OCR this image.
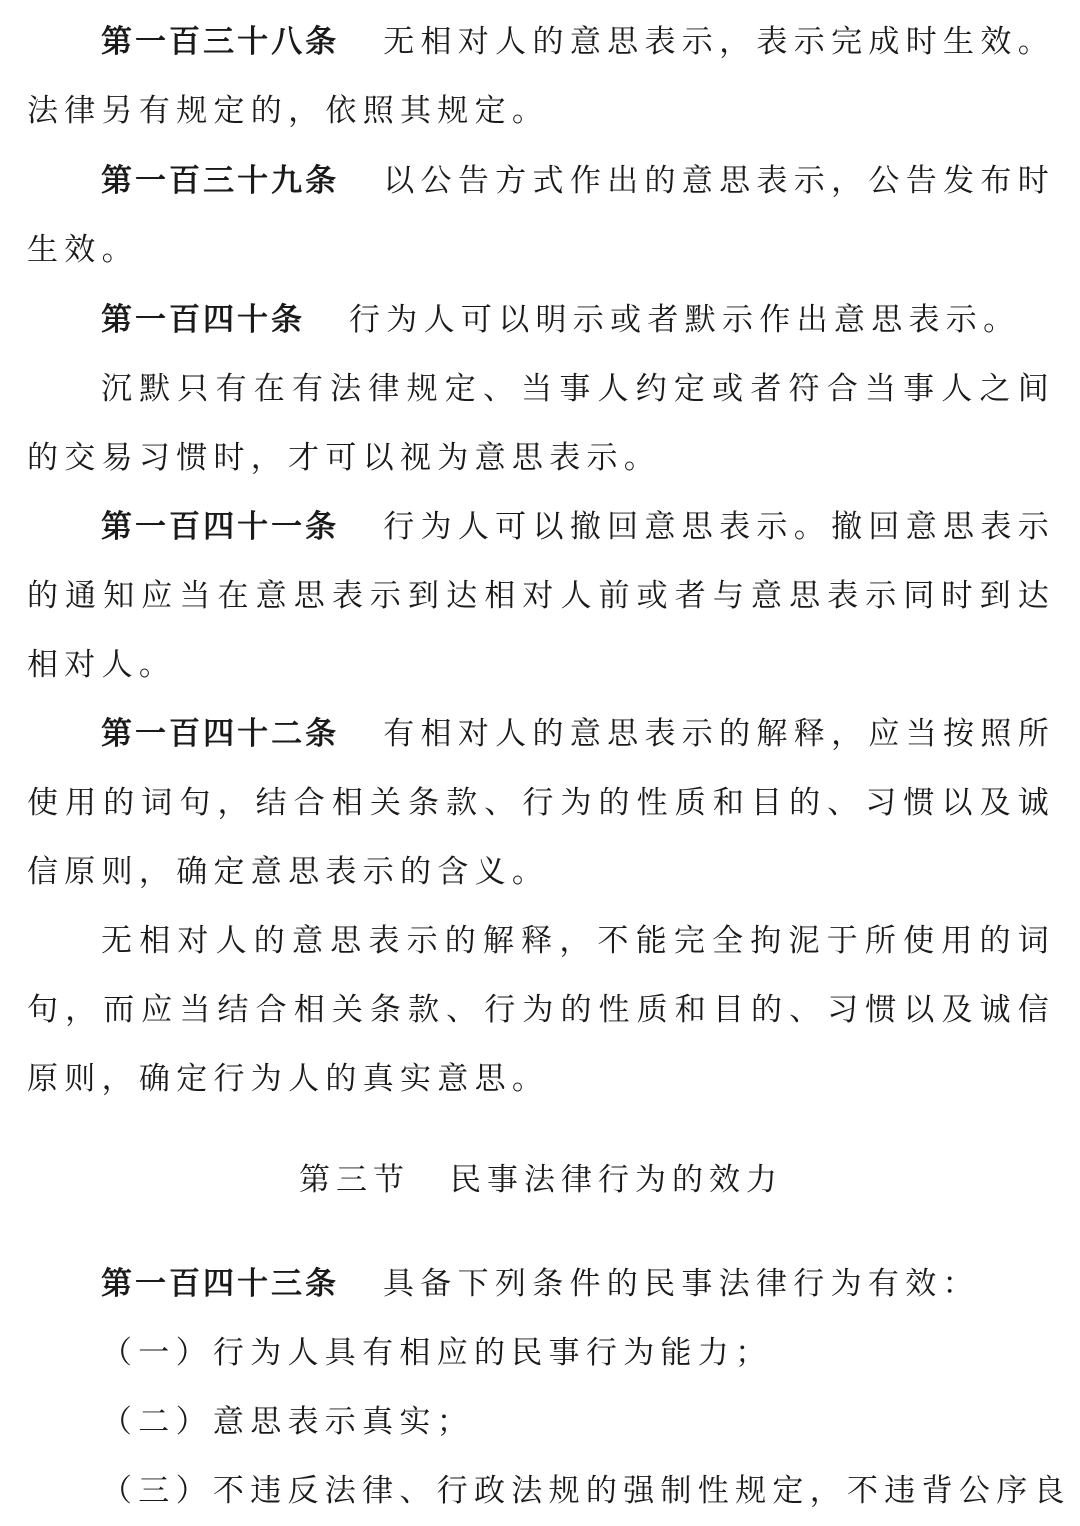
第一百三十八条 无相对人的意思表示，表示完成时生效。法律另有规定的，依照其规定。

第一百三十九条 以公告方式作出的意思表示，公告发布时生效。

第一百四十条 行为人可以明示或者默示作出意思表示。

沉默只有在有法律规定、当事人约定或者符合当事人之间的交易习惯时，才可以视为意思表示。

第一百四十一条 行为人可以撤回意思表示。撤回意思表示的通知应当在意思表示到达相对人前或者与意思表示同时到达相对人。

第一百四十二条 有相对人的意思表示的解释，应当按照所使用的词句，结合相关条款、行为的性质和目的、习惯以及诚信原则，确定意思表示的含义。

无相对人的意思表示的解释，不能完全拘泥于所使用的词句，而应当结合相关条款、行为的性质和目的、习惯以及诚信原则，确定行为人的真实意思。

第三节 民事法律行为的效力

第一百四十三条 具备下列条件的民事法律行为有效：

（一）行为人具有相应的民事行为能力；

（二）意思表示真实；

（三）不违反法律、行政法规的强制性规定，不违背公序良
